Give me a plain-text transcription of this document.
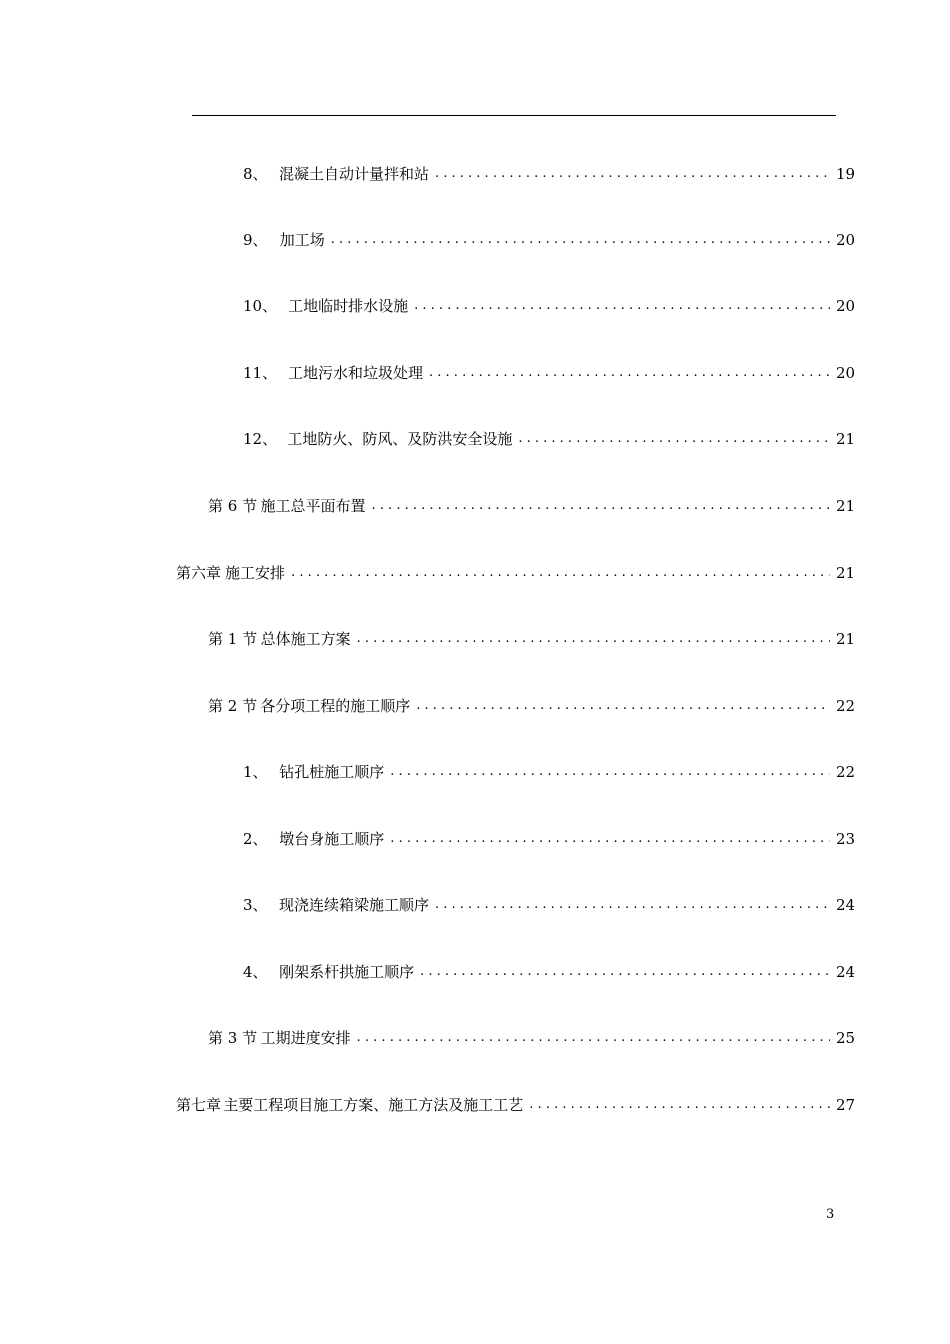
8、 混凝土自动计量拌和站 . . .	19
9、 加工场 . . .	20
10、 工地临时排水设施 . . .	20
11、 工地污水和垃圾处理 . . .	20
12、 工地防火、防风、及防洪安全设施 . . .	21
第 6 节 施工总平面布置 . . .	21
第六章 施工安排 . . .	21
第 1 节 总体施工方案 . . .	21
第 2 节 各分项工程的施工顺序 . . .	22
1、 钻孔桩施工顺序 . . .	22
2、 墩台身施工顺序 . . .	23
3、 现浇连续箱梁施工顺序 . . .	24
4、 刚架系杆拱施工顺序 . . .	24
第 3 节 工期进度安排 . . .	25
第七章 主要工程项目施工方案、施工方法及施工工艺 . . .	27
3
